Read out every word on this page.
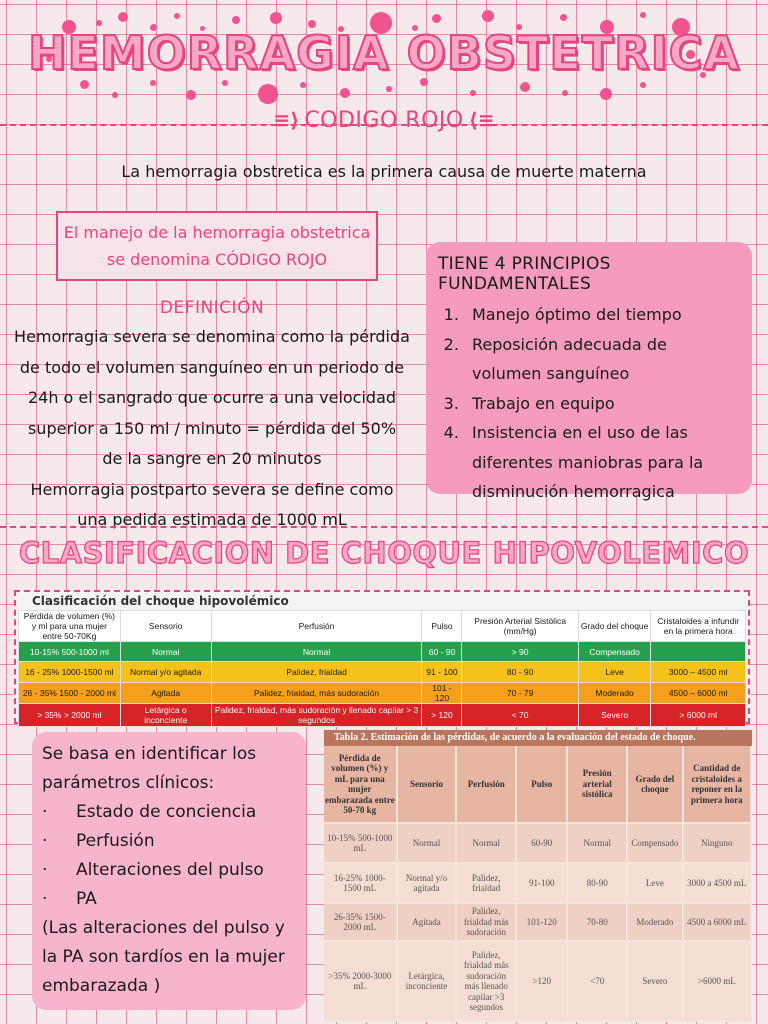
HEMORRAGIA OBSTETRICA
≡⟩ CODIGO ROJO ⟨≡
La hemorragia obstretica es la primera causa de muerte materna
El manejo de la hemorragia obstetrica
se denomina CÓDIGO ROJO
DEFINICIÓN
Hemorragia severa se denomina como la pérdida
de todo el volumen sanguíneo en un periodo de
24h o el sangrado que ocurre a una velocidad
superior a 150 ml / minuto = pérdida del 50%
de la sangre en 20 minutos
Hemorragia postparto severa se define como
una pedida estimada de 1000 mL
TIENE 4 PRINCIPIOS FUNDAMENTALES
1. Manejo óptimo del tiempo
2. Reposición adecuada de volumen sanguíneo
3. Trabajo en equipo
4. Insistencia en el uso de las diferentes maniobras para la disminución hemorragica
CLASIFICACION DE CHOQUE HIPOVOLEMICO
Clasificación del choque hipovolémico
Pérdida de volumen (%) y ml para una mujer entre 50-70Kg	Sensorio	Perfusión	Pulso	Presión Arterial Sistólica (mm/Hg)	Grado del choque	Cristaloides a infundir en la primera hora
10-15% 500-1000 ml	Normal	Normal	60 - 90	> 90	Compensado	
16 - 25% 1000-1500 ml	Normal y/o agitada	Palidez, frialdad	91 - 100	80 - 90	Leve	3000 – 4500 ml
26 - 35% 1500 - 2000 ml	Agitada	Palidez, frialdad, más sudoración	101 - 120	70 - 79	Moderado	4500 – 6000 ml
> 35% > 2000 ml	Letárgica o inconciente	Palidez, frialdad, más sudoración y llenado capilar > 3 segundos	> 120	< 70	Severo	> 6000 ml
Se basa en identificar los parámetros clínicos:
·	Estado de conciencia
·	Perfusión
·	Alteraciones del pulso
·	PA
(Las alteraciones del pulso y la PA son tardíos en la mujer embarazada )
Tabla 2. Estimación de las pérdidas, de acuerdo a la evaluación del estado de choque.
Pérdida de volumen (%) y mL para una mujer embarazada entre 50-70 kg	Sensorio	Perfusión	Pulso	Presión arterial sistólica	Grado del choque	Cantidad de cristaloides a reponer en la primera hora
10-15% 500-1000 mL	Normal	Normal	60-90	Normal	Compensado	Ninguno
16-25% 1000-1500 mL	Normal y/o agitada	Palidez, frialdad	91-100	80-90	Leve	3000 a 4500 mL
26-35% 1500-2000 mL	Agitada	Palidez, frialdad más sudoración	101-120	70-80	Moderado	4500 a 6000 mL
>35% 2000-3000 mL	Letárgica, inconciente	Palidez, frialdad más sudoración más llenado capilar >3 segundos	>120	<70	Severo	>6000 mL
